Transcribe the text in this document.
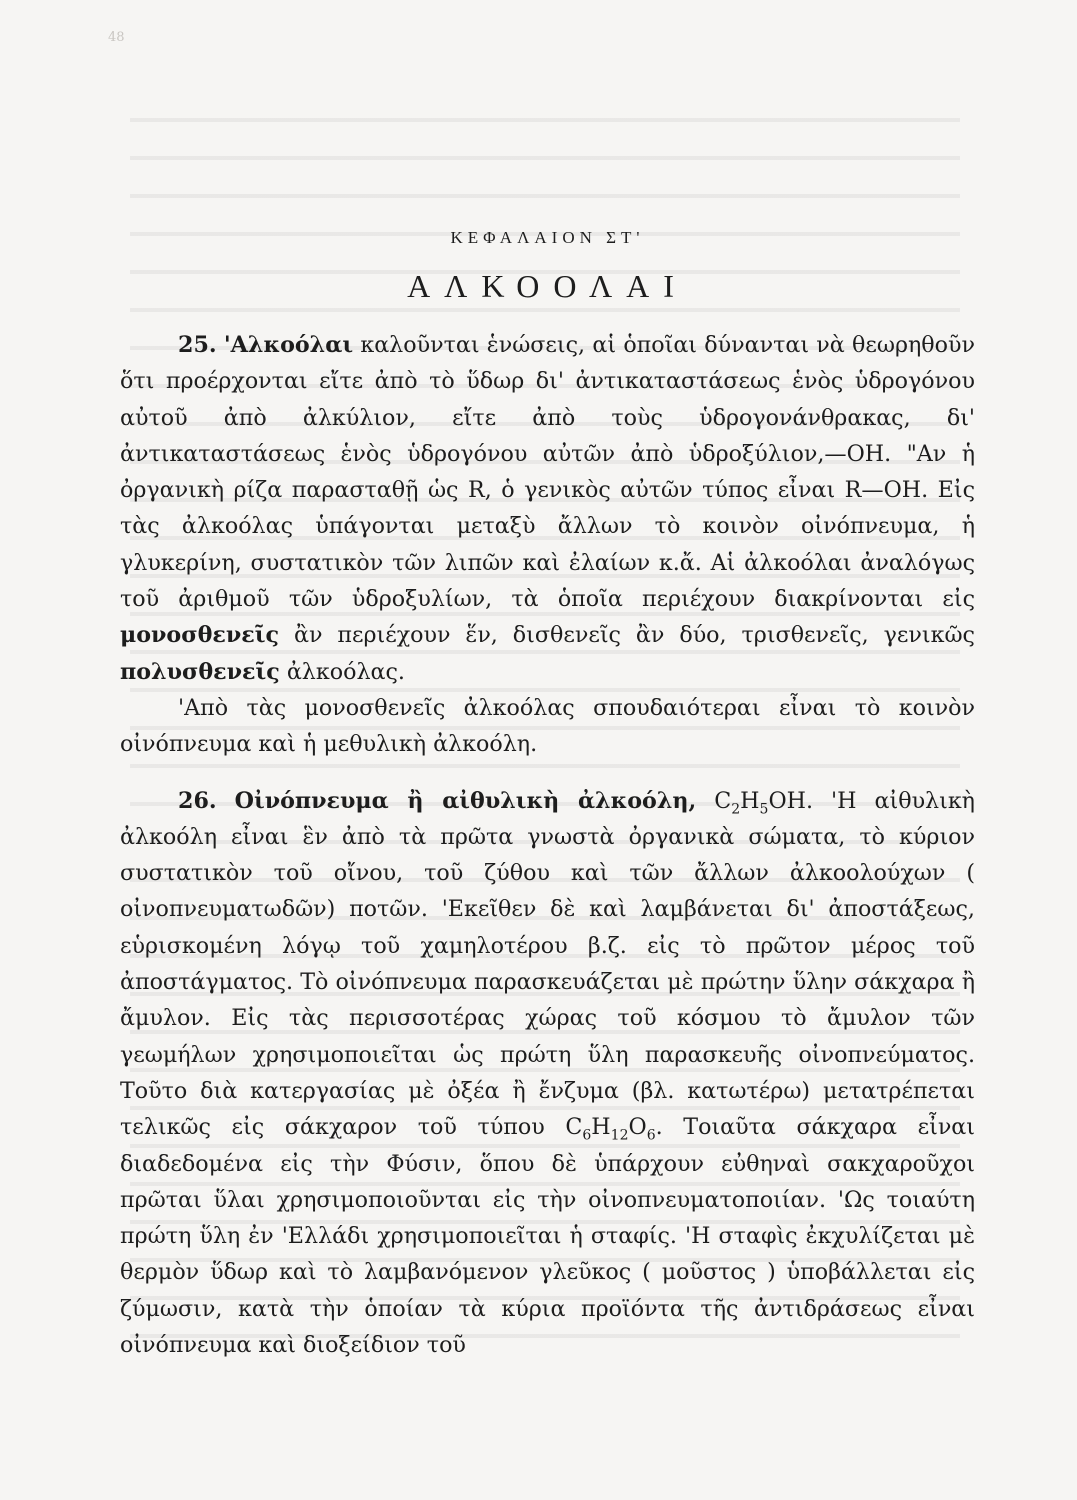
48
ΚΕΦΑΛΑΙΟΝ ΣΤ'
ΑΛΚΟΟΛΑΙ

25. 'Αλκοόλαι καλοῦνται ἑνώσεις, αἱ ὁποῖαι δύνανται νὰ θεωρηθοῦν ὅτι προέρχονται εἴτε ἀπὸ τὸ ὕδωρ δι' ἀντικαταστάσεως ἑνὸς ὑδρογόνου αὐτοῦ ἀπὸ ἀλκύλιον, εἴτε ἀπὸ τοὺς ὑδρογονάνθρακας, δι' ἀντικαταστάσεως ἑνὸς ὑδρογόνου αὐτῶν ἀπὸ ὑδροξύλιον,—OH. "Αν ἡ ὀργανικὴ ρίζα παρασταθῇ ὡς R, ὁ γενικὸς αὐτῶν τύπος εἶναι R—OH. Εἰς τὰς ἀλκοόλας ὑπάγονται μεταξὺ ἄλλων τὸ κοινὸν οἰνόπνευμα, ἡ γλυκερίνη, συστατικὸν τῶν λιπῶν καὶ ἐλαίων κ.ἄ. Αἱ ἀλκοόλαι ἀναλόγως τοῦ ἀριθμοῦ τῶν ὑδροξυλίων, τὰ ὁποῖα περιέχουν διακρίνονται εἰς μονοσθενεῖς ἂν περιέχουν ἕν, δισθενεῖς ἂν δύο, τρισθενεῖς, γενικῶς πολυσθενεῖς ἀλκοόλας.

'Απὸ τὰς μονοσθενεῖς ἀλκοόλας σπουδαιότεραι εἶναι τὸ κοινὸν οἰνόπνευμα καὶ ἡ μεθυλικὴ ἀλκοόλη.

26. Οἰνόπνευμα ἢ αἰθυλικὴ ἀλκοόλη, $C_2H_5OH$. 'Η αἰθυλικὴ ἀλκοόλη εἶναι ἓν ἀπὸ τὰ πρῶτα γνωστὰ ὀργανικὰ σώματα, τὸ κύριον συστατικὸν τοῦ οἴνου, τοῦ ζύθου καὶ τῶν ἄλλων ἀλκοολούχων ( οἰνοπνευματωδῶν) ποτῶν. 'Εκεῖθεν δὲ καὶ λαμβάνεται δι' ἀποστάξεως, εὑρισκομένη λόγῳ τοῦ χαμηλοτέρου β.ζ. εἰς τὸ πρῶτον μέρος τοῦ ἀποστάγματος. Τὸ οἰνόπνευμα παρασκευάζεται μὲ πρώτην ὕλην σάκχαρα ἢ ἄμυλον. Εἰς τὰς περισσοτέρας χώρας τοῦ κόσμου τὸ ἄμυλον τῶν γεωμήλων χρησιμοποιεῖται ὡς πρώτη ὕλη παρασκευῆς οἰνοπνεύματος. Τοῦτο διὰ κατεργασίας μὲ ὀξέα ἢ ἔνζυμα (βλ. κατωτέρω) μετατρέπεται τελικῶς εἰς σάκχαρον τοῦ τύπου $C_6H_{12}O_6$. Τοιαῦτα σάκχαρα εἶναι διαδεδομένα εἰς τὴν Φύσιν, ὅπου δὲ ὑπάρχουν εὐθηναὶ σακχαροῦχοι πρῶται ὕλαι χρησιμοποιοῦνται εἰς τὴν οἰνοπνευματοποιίαν. 'Ως τοιαύτη πρώτη ὕλη ἐν 'Ελλάδι χρησιμοποιεῖται ἡ σταφίς. 'Η σταφὶς ἐκχυλίζεται μὲ θερμὸν ὕδωρ καὶ τὸ λαμβανόμενον γλεῦκος ( μοῦστος ) ὑποβάλλεται εἰς ζύμωσιν, κατὰ τὴν ὁποίαν τὰ κύρια προϊόντα τῆς ἀντιδράσεως εἶναι οἰνόπνευμα καὶ διοξείδιον τοῦ
